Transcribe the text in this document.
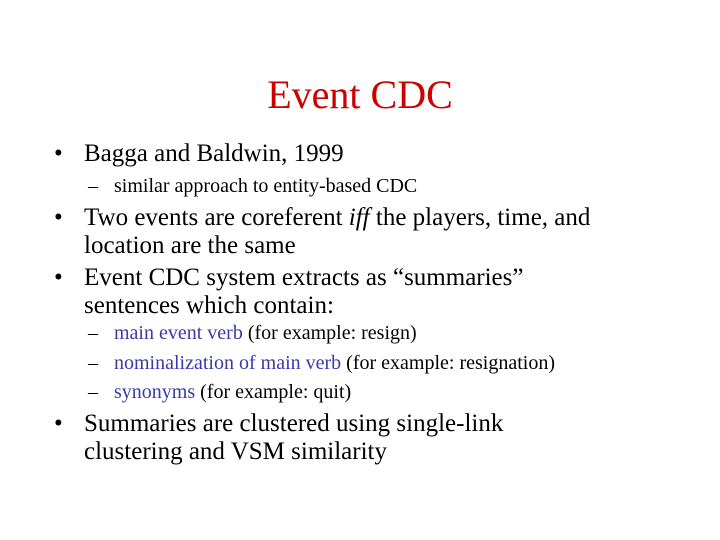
Event CDC
• Bagga and Baldwin, 1999
– similar approach to entity-based CDC
• Two events are coreferent iff the players, time, and
location are the same
• Event CDC system extracts as “summaries”
sentences which contain:
– main event verb (for example: resign)
– nominalization of main verb (for example: resignation)
– synonyms (for example: quit)
• Summaries are clustered using single-link
clustering and VSM similarity
